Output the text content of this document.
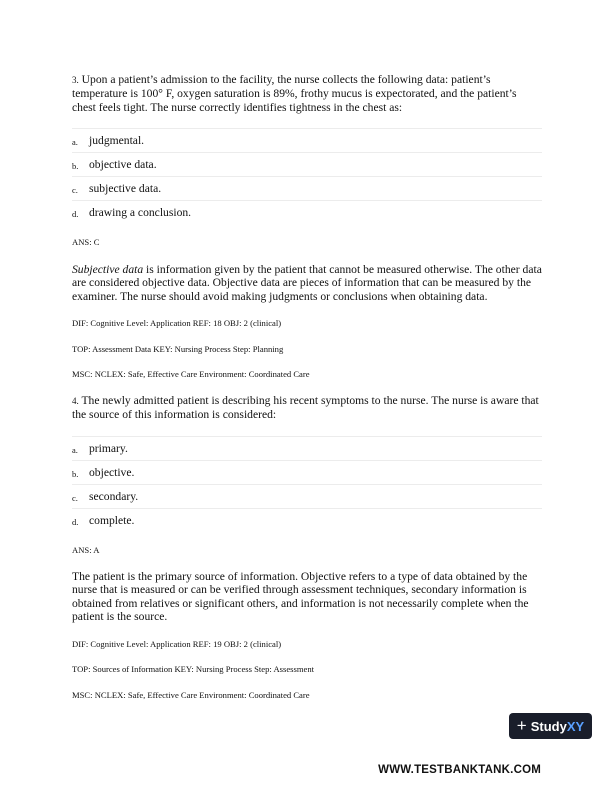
3. Upon a patient’s admission to the facility, the nurse collects the following data: patient’s temperature is 100° F, oxygen saturation is 89%, frothy mucus is expectorated, and the patient’s chest feels tight. The nurse correctly identifies tightness in the chest as:
a. judgmental.
b. objective data.
c. subjective data.
d. drawing a conclusion.
ANS: C
Subjective data is information given by the patient that cannot be measured otherwise. The other data are considered objective data. Objective data are pieces of information that can be measured by the examiner. The nurse should avoid making judgments or conclusions when obtaining data.
DIF: Cognitive Level: Application REF: 18 OBJ: 2 (clinical)
TOP: Assessment Data KEY: Nursing Process Step: Planning
MSC: NCLEX: Safe, Effective Care Environment: Coordinated Care
4. The newly admitted patient is describing his recent symptoms to the nurse. The nurse is aware that the source of this information is considered:
a. primary.
b. objective.
c. secondary.
d. complete.
ANS: A
The patient is the primary source of information. Objective refers to a type of data obtained by the nurse that is measured or can be verified through assessment techniques, secondary information is obtained from relatives or significant others, and information is not necessarily complete when the patient is the source.
DIF: Cognitive Level: Application REF: 19 OBJ: 2 (clinical)
TOP: Sources of Information KEY: Nursing Process Step: Assessment
MSC: NCLEX: Safe, Effective Care Environment: Coordinated Care
+ StudyXY
WWW.TESTBANKTANK.COM
